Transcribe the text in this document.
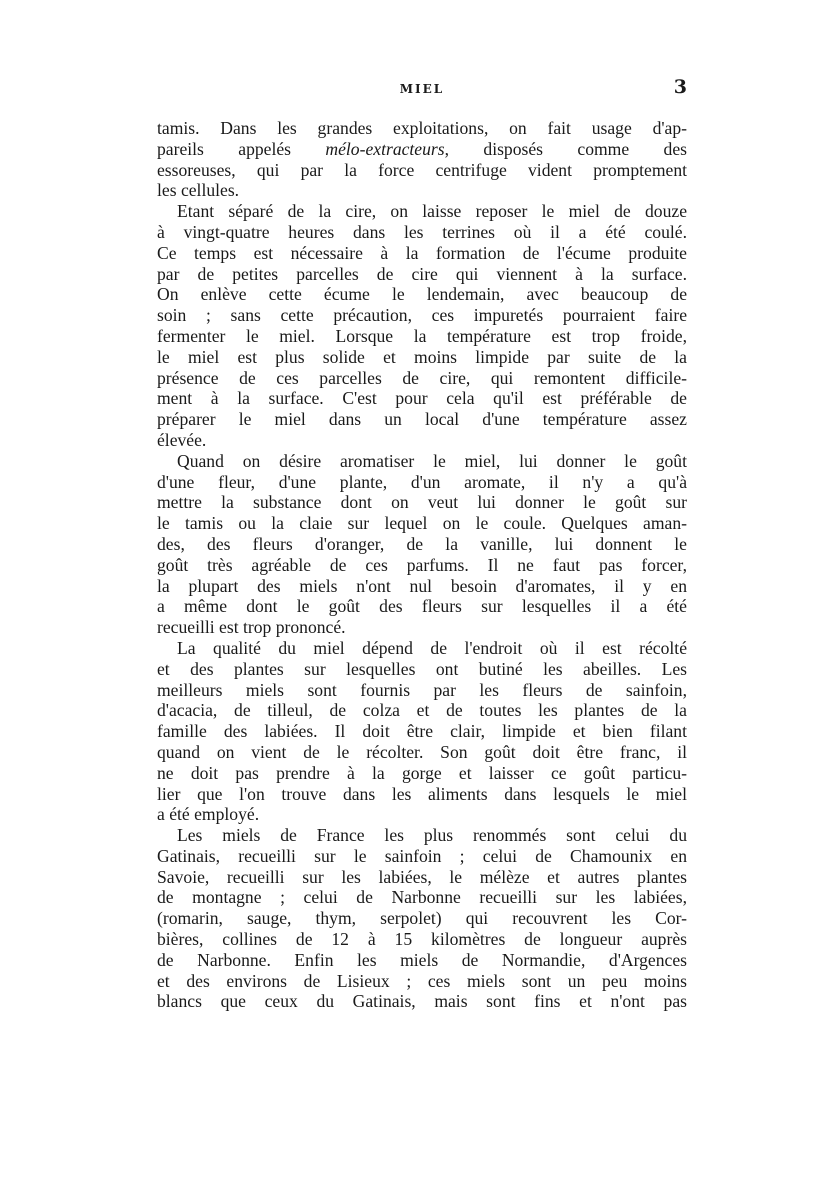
MIEL	3
tamis. Dans les grandes exploitations, on fait usage d'ap-
pareils appelés mélo-extracteurs, disposés comme des
essoreuses, qui par la force centrifuge vident promptement
les cellules.
Etant séparé de la cire, on laisse reposer le miel de douze
à vingt-quatre heures dans les terrines où il a été coulé.
Ce temps est nécessaire à la formation de l'écume produite
par de petites parcelles de cire qui viennent à la surface.
On enlève cette écume le lendemain, avec beaucoup de
soin ; sans cette précaution, ces impuretés pourraient faire
fermenter le miel. Lorsque la température est trop froide,
le miel est plus solide et moins limpide par suite de la
présence de ces parcelles de cire, qui remontent difficile-
ment à la surface. C'est pour cela qu'il est préférable de
préparer le miel dans un local d'une température assez
élevée.
Quand on désire aromatiser le miel, lui donner le goût
d'une fleur, d'une plante, d'un aromate, il n'y a qu'à
mettre la substance dont on veut lui donner le goût sur
le tamis ou la claie sur lequel on le coule. Quelques aman-
des, des fleurs d'oranger, de la vanille, lui donnent le
goût très agréable de ces parfums. Il ne faut pas forcer,
la plupart des miels n'ont nul besoin d'aromates, il y en
a même dont le goût des fleurs sur lesquelles il a été
recueilli est trop prononcé.
La qualité du miel dépend de l'endroit où il est récolté
et des plantes sur lesquelles ont butiné les abeilles. Les
meilleurs miels sont fournis par les fleurs de sainfoin,
d'acacia, de tilleul, de colza et de toutes les plantes de la
famille des labiées. Il doit être clair, limpide et bien filant
quand on vient de le récolter. Son goût doit être franc, il
ne doit pas prendre à la gorge et laisser ce goût particu-
lier que l'on trouve dans les aliments dans lesquels le miel
a été employé.
Les miels de France les plus renommés sont celui du
Gatinais, recueilli sur le sainfoin ; celui de Chamounix en
Savoie, recueilli sur les labiées, le mélèze et autres plantes
de montagne ; celui de Narbonne recueilli sur les labiées,
(romarin, sauge, thym, serpolet) qui recouvrent les Cor-
bières, collines de 12 à 15 kilomètres de longueur auprès
de Narbonne. Enfin les miels de Normandie, d'Argences
et des environs de Lisieux ; ces miels sont un peu moins
blancs que ceux du Gatinais, mais sont fins et n'ont pas
